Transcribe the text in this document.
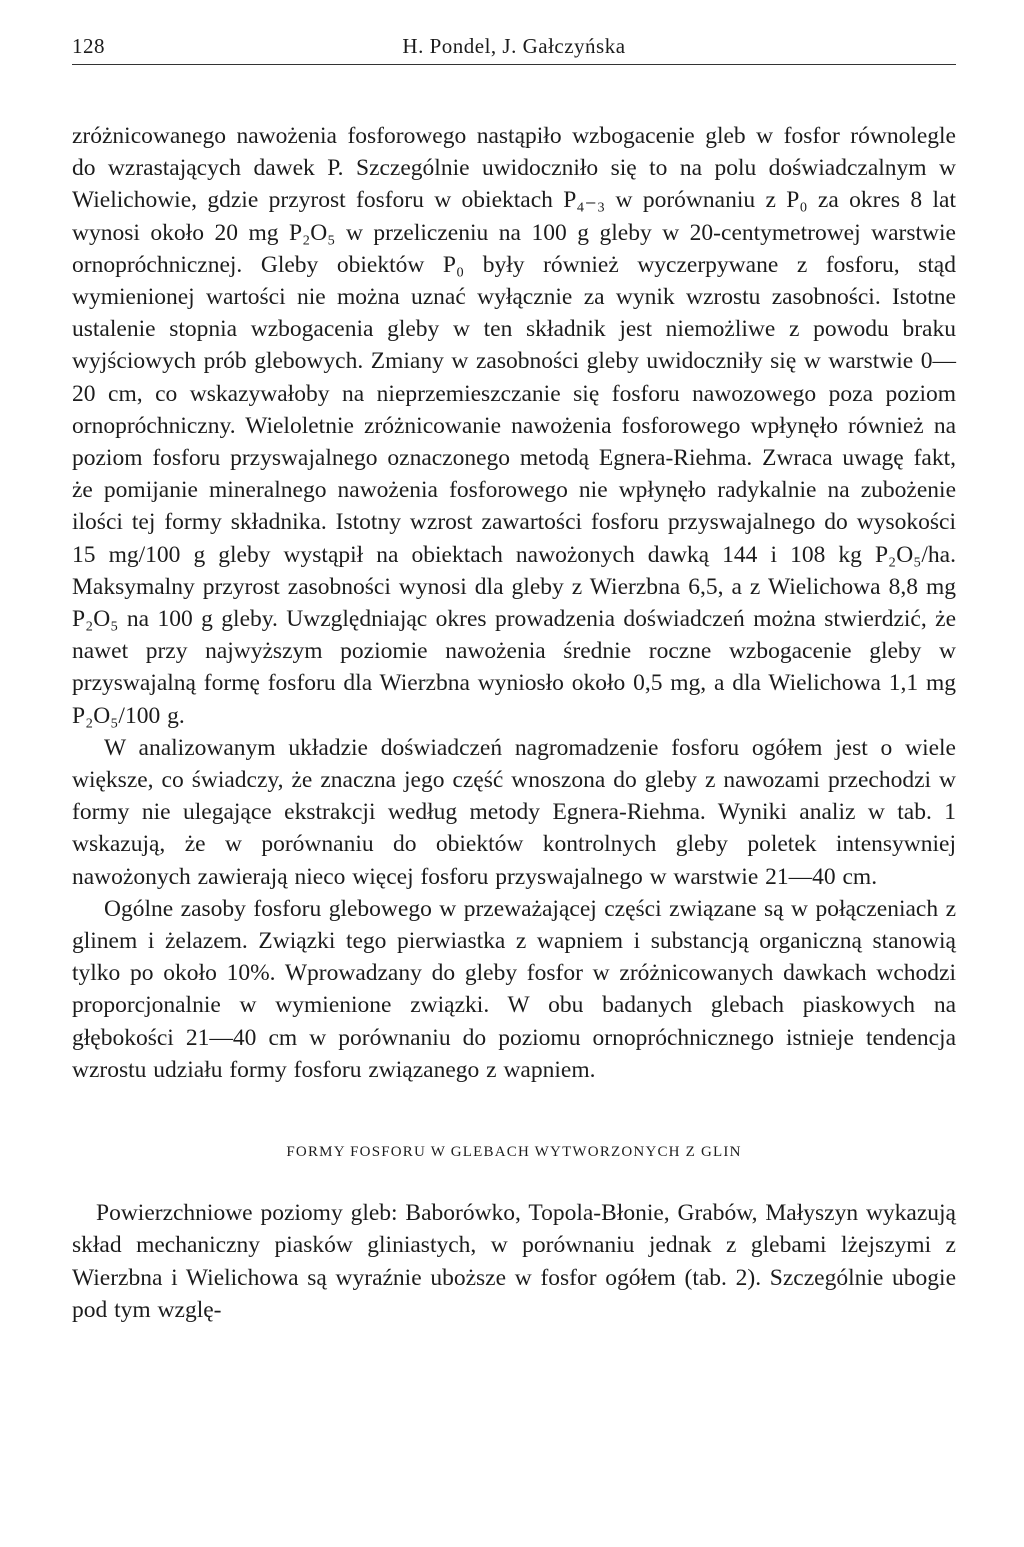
128	H. Pondel, J. Gałczyńska

zróżnicowanego nawożenia fosforowego nastąpiło wzbogacenie gleb w fosfor równolegle do wzrastających dawek P. Szczególnie uwidoczniło się to na polu doświadczalnym w Wielichowie, gdzie przyrost fosforu w obiektach P₄₋₃ w porównaniu z P₀ za okres 8 lat wynosi około 20 mg P₂O₅ w przeliczeniu na 100 g gleby w 20-centymetrowej warstwie ornopróchnicznej. Gleby obiektów P₀ były również wyczerpywane z fosforu, stąd wymienionej wartości nie można uznać wyłącznie za wynik wzrostu zasobności. Istotne ustalenie stopnia wzbogacenia gleby w ten składnik jest niemożliwe z powodu braku wyjściowych prób glebowych. Zmiany w zasobności gleby uwidoczniły się w warstwie 0—20 cm, co wskazywałoby na nieprzemieszczanie się fosforu nawozowego poza poziom ornopróchniczny. Wieloletnie zróżnicowanie nawożenia fosforowego wpłynęło również na poziom fosforu przyswajalnego oznaczonego metodą Egnera-Riehma. Zwraca uwagę fakt, że pomijanie mineralnego nawożenia fosforowego nie wpłynęło radykalnie na zubożenie ilości tej formy składnika. Istotny wzrost zawartości fosforu przyswajalnego do wysokości 15 mg/100 g gleby wystąpił na obiektach nawożonych dawką 144 i 108 kg P₂O₅/ha. Maksymalny przyrost zasobności wynosi dla gleby z Wierzbna 6,5, a z Wielichowa 8,8 mg P₂O₅ na 100 g gleby. Uwzględniając okres prowadzenia doświadczeń można stwierdzić, że nawet przy najwyższym poziomie nawożenia średnie roczne wzbogacenie gleby w przyswajalną formę fosforu dla Wierzbna wyniosło około 0,5 mg, a dla Wielichowa 1,1 mg P₂O₅/100 g.

W analizowanym układzie doświadczeń nagromadzenie fosforu ogółem jest o wiele większe, co świadczy, że znaczna jego część wnoszona do gleby z nawozami przechodzi w formy nie ulegające ekstrakcji według metody Egnera-Riehma. Wyniki analiz w tab. 1 wskazują, że w porównaniu do obiektów kontrolnych gleby poletek intensywniej nawożonych zawierają nieco więcej fosforu przyswajalnego w warstwie 21—40 cm.

Ogólne zasoby fosforu glebowego w przeważającej części związane są w połączeniach z glinem i żelazem. Związki tego pierwiastka z wapniem i substancją organiczną stanowią tylko po około 10%. Wprowadzany do gleby fosfor w zróżnicowanych dawkach wchodzi proporcjonalnie w wymienione związki. W obu badanych glebach piaskowych na głębokości 21—40 cm w porównaniu do poziomu ornopróchnicznego istnieje tendencja wzrostu udziału formy fosforu związanego z wapniem.

FORMY FOSFORU W GLEBACH WYTWORZONYCH Z GLIN

Powierzchniowe poziomy gleb: Baborówko, Topola-Błonie, Grabów, Małyszyn wykazują skład mechaniczny piasków gliniastych, w porównaniu jednak z glebami lżejszymi z Wierzbna i Wielichowa są wyraźnie uboższe w fosfor ogółem (tab. 2). Szczególnie ubogie pod tym wzglę-
